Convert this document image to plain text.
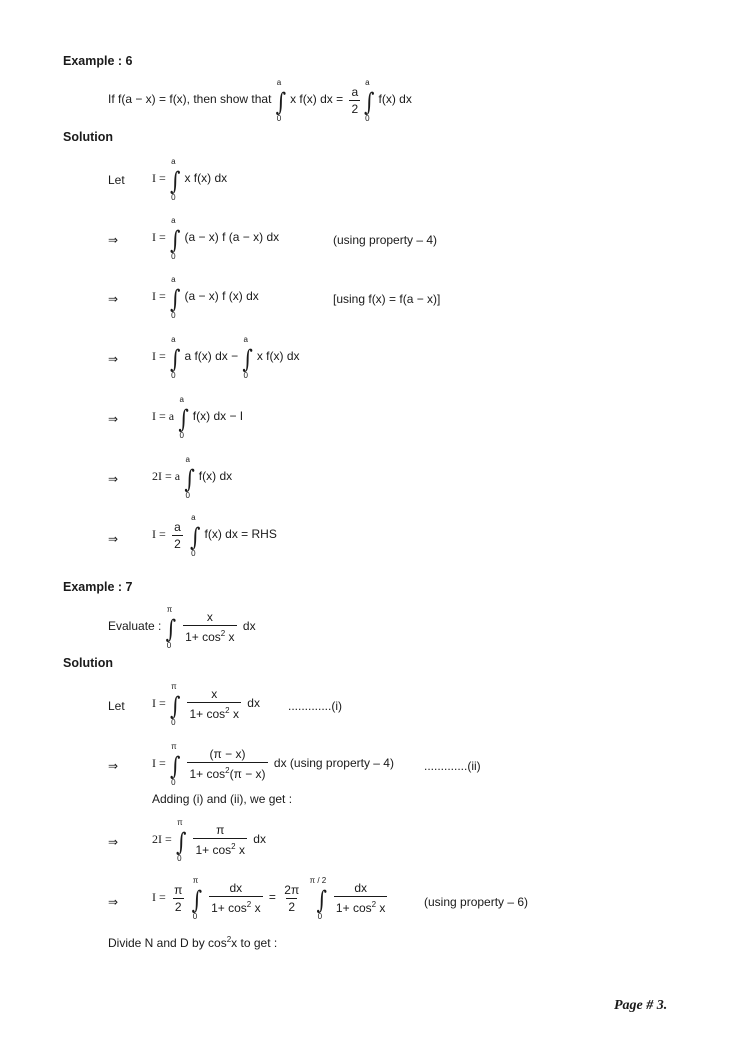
Example : 6
If f(a − x) = f(x), then show that ∫
a
0
x f(x) dx = $\frac{a}{2}$ ∫
a
0
f(x) dx
Solution
Let I = ∫
a
0
x f(x) dx
⇒	I = ∫
a
0
(a − x) f (a − x) dx	(using property – 4)
⇒	I = ∫
a
0
(a − x) f (x) dx	[using f(x) = f(a − x)]
⇒	I = ∫
a
0
a f(x) dx − ∫
a
0
x f(x) dx
⇒	I = a ∫
a
0
f(x) dx − I
⇒	2I = a ∫
a
0
f(x) dx
⇒	$I = \frac{a}{2}$
∫
a
0
f(x) dx = RHS
Example : 7
Evaluate : ∫
π
0

$\frac{x}{1+ \cos^2 x}$ dx
Solution
Let I = ∫
π
0

$\frac{x}{1+ \cos^2 x}$ dx .............(i)
⇒	I = ∫
π
0

$\frac{(\pi - x)}{1+ \cos^2(\pi - x)}$ dx (using property – 4)	.............(ii)
Adding (i) and (ii), we get :
⇒	2I = ∫
π
0

$\frac{\pi}{1+ \cos^2 x}$ dx
⇒	$I = \frac{\pi}{2}$
∫
π
0

$\frac{dx}{1+ \cos^2 x} = \frac{2\pi}{2}$
∫
π / 2
0

$\frac{dx}{1+ \cos^2 x}$	(using property – 6)
Divide N and D by $\cos^2x$ to get :
Page # 3.
